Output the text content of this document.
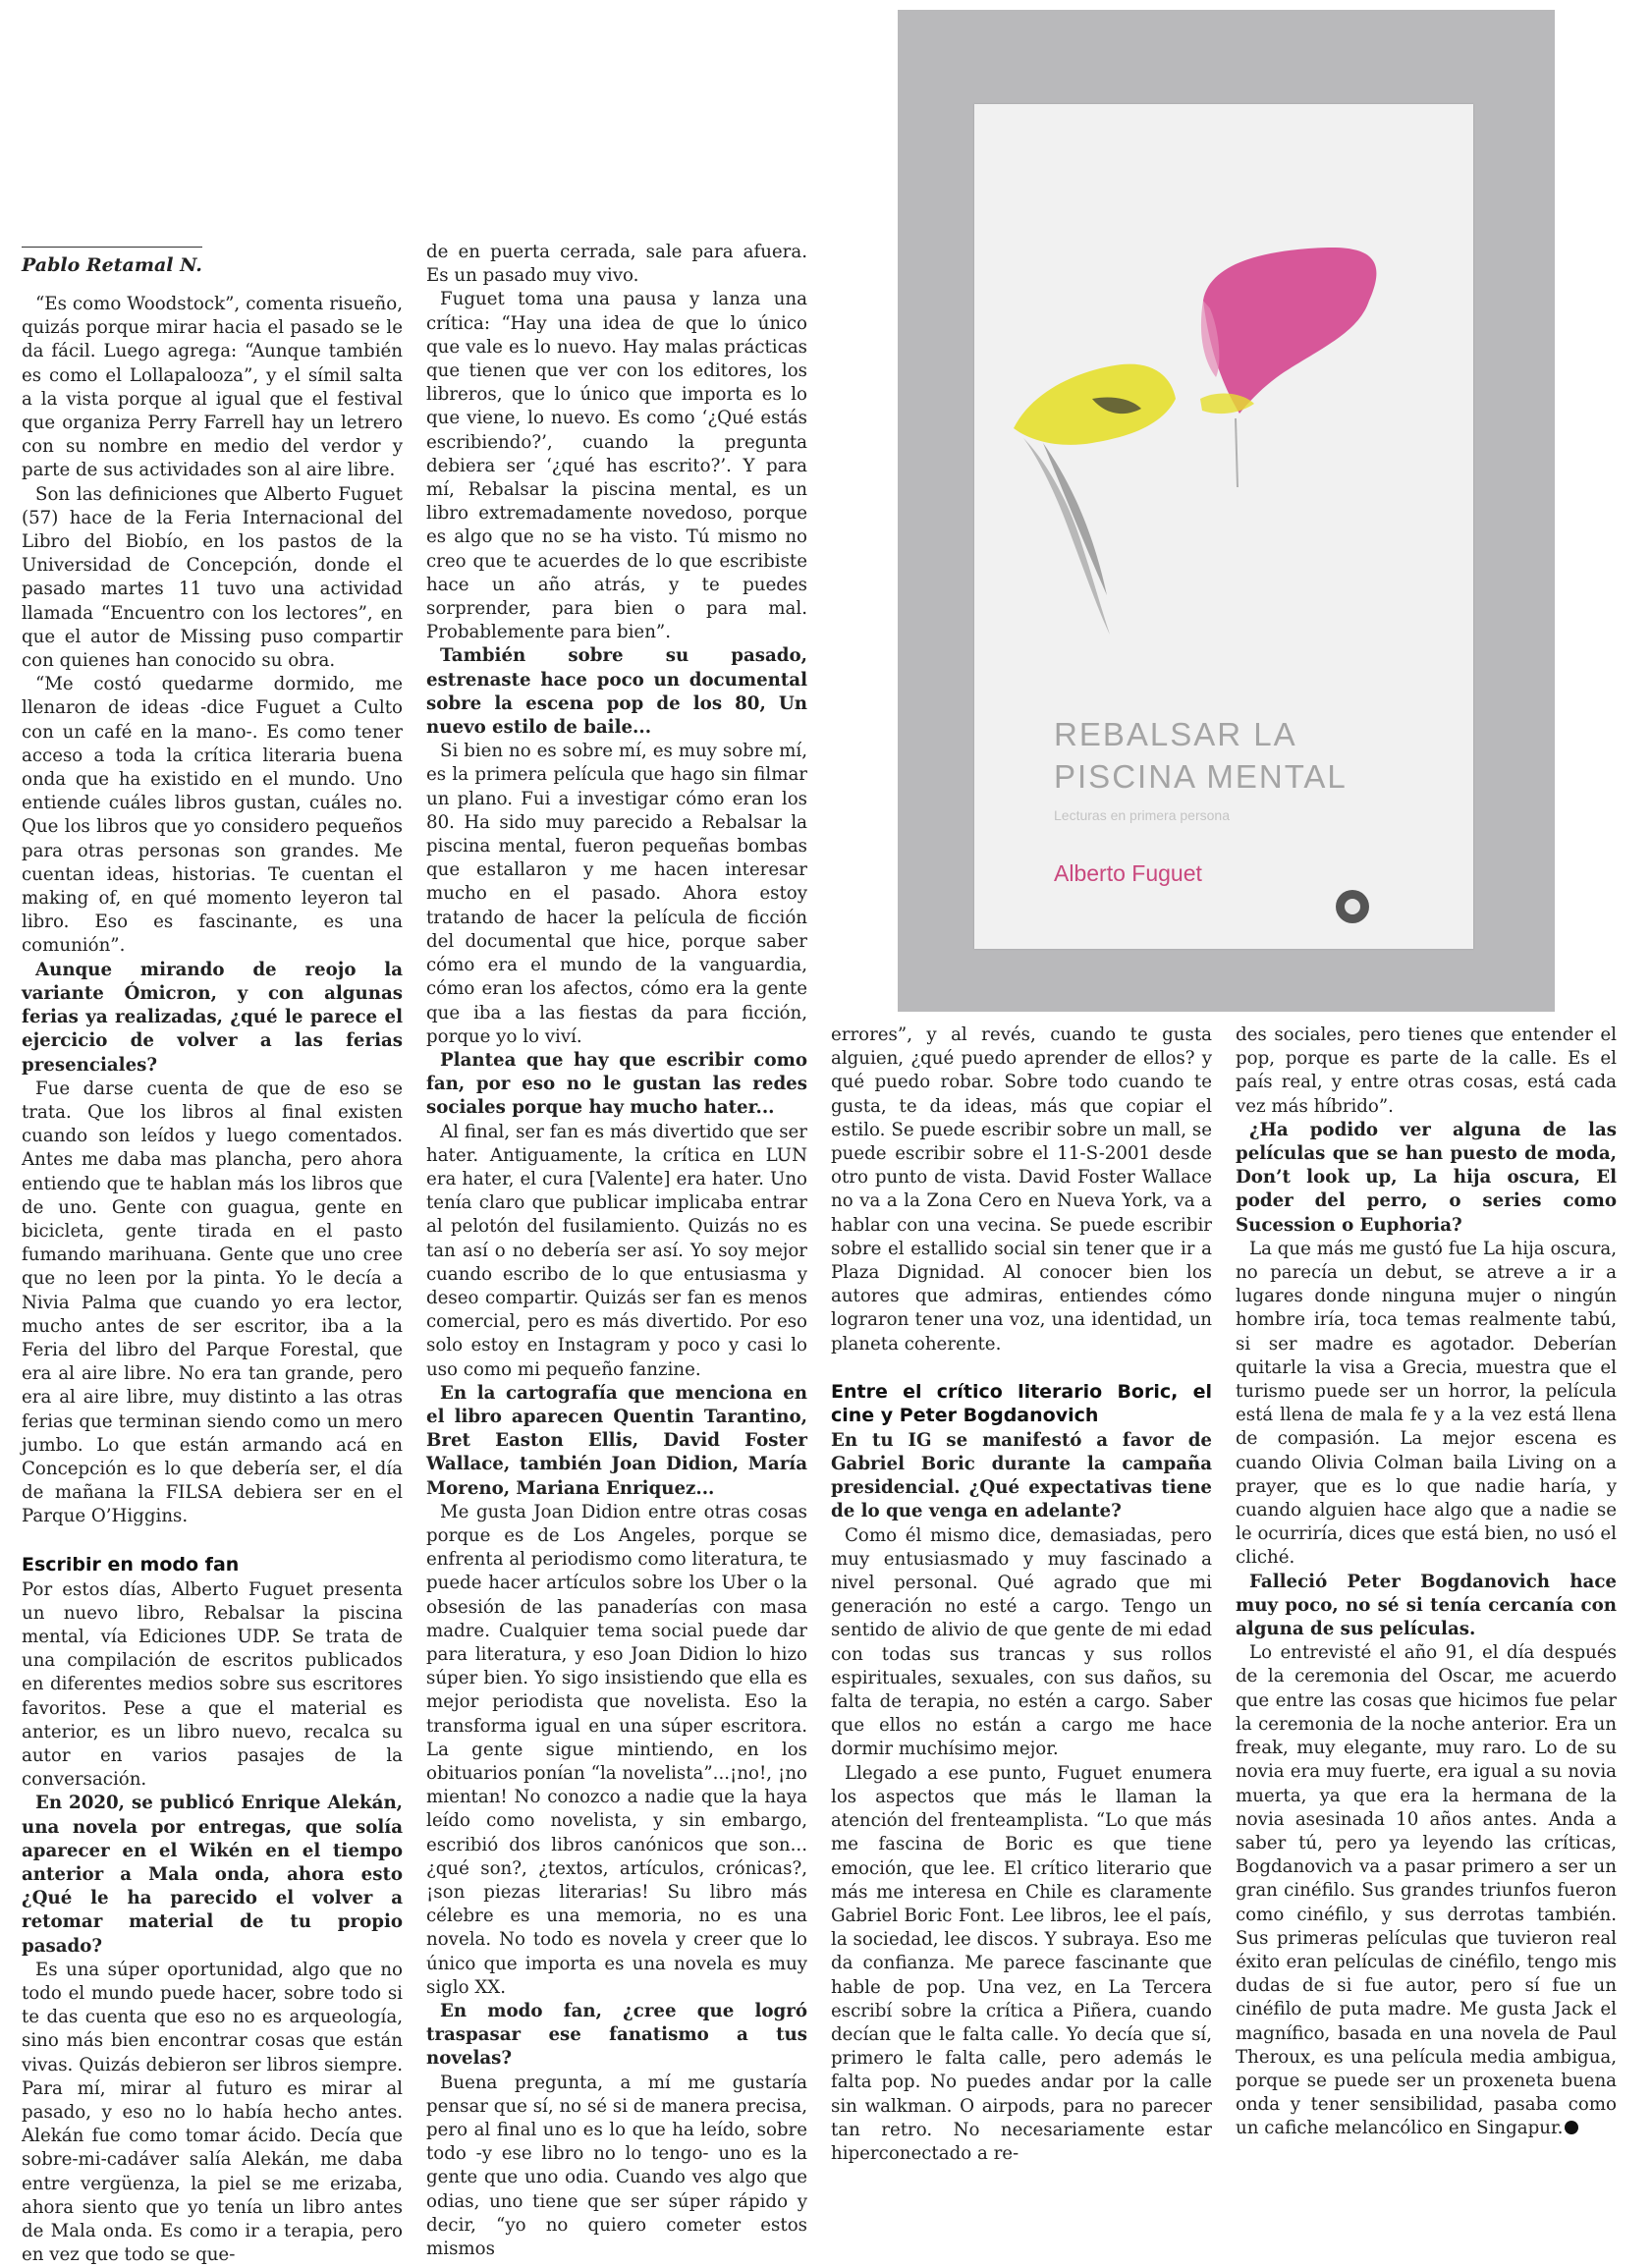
REBALSAR LA
PISCINA MENTAL
Lecturas en primera persona
Alberto Fuguet
Pablo Retamal N.

“Es como Woodstock”, comenta risueño, quizás porque mirar hacia el pasado se le da fácil. Luego agrega: “Aunque también es como el Lollapalooza”, y el símil salta a la vista porque al igual que el festival que organiza Perry Farrell hay un letrero con su nombre en medio del verdor y parte de sus actividades son al aire libre.

Son las definiciones que Alberto Fuguet (57) hace de la Feria Internacional del Libro del Biobío, en los pastos de la Universidad de Concepción, donde el pasado martes 11 tuvo una actividad llamada “Encuentro con los lectores”, en que el autor de Missing puso compartir con quienes han conocido su obra.

“Me costó quedarme dormido, me llenaron de ideas -dice Fuguet a Culto con un café en la mano-. Es como tener acceso a toda la crítica literaria buena onda que ha existido en el mundo. Uno entiende cuáles libros gustan, cuáles no. Que los libros que yo considero pequeños para otras personas son grandes. Me cuentan ideas, historias. Te cuentan el making of, en qué momento leyeron tal libro. Eso es fascinante, es una comunión”.

Aunque mirando de reojo la variante Ómicron, y con algunas ferias ya realizadas, ¿qué le parece el ejercicio de volver a las ferias presenciales?

Fue darse cuenta de que de eso se trata. Que los libros al final existen cuando son leídos y luego comentados. Antes me daba mas plancha, pero ahora entiendo que te hablan más los libros que de uno. Gente con guagua, gente en bicicleta, gente tirada en el pasto fumando marihuana. Gente que uno cree que no leen por la pinta. Yo le decía a Nivia Palma que cuando yo era lector, mucho antes de ser escritor, iba a la Feria del libro del Parque Forestal, que era al aire libre. No era tan grande, pero era al aire libre, muy distinto a las otras ferias que terminan siendo como un mero jumbo. Lo que están armando acá en Concepción es lo que debería ser, el día de mañana la FILSA debiera ser en el Parque O’Higgins.

Escribir en modo fan

Por estos días, Alberto Fuguet presenta un nuevo libro, Rebalsar la piscina mental, vía Ediciones UDP. Se trata de una compilación de escritos publicados en diferentes medios sobre sus escritores favoritos. Pese a que el material es anterior, es un libro nuevo, recalca su autor en varios pasajes de la conversación.

En 2020, se publicó Enrique Alekán, una novela por entregas, que solía aparecer en el Wikén en el tiempo anterior a Mala onda, ahora esto ¿Qué le ha parecido el volver a retomar material de tu propio pasado?

Es una súper oportunidad, algo que no todo el mundo puede hacer, sobre todo si te das cuenta que eso no es arqueología, sino más bien encontrar cosas que están vivas. Quizás debieron ser libros siempre. Para mí, mirar al futuro es mirar al pasado, y eso no lo había hecho antes. Alekán fue como tomar ácido. Decía que sobre-mi-cadáver salía Alekán, me daba entre vergüenza, la piel se me erizaba, ahora siento que yo tenía un libro antes de Mala onda. Es como ir a terapia, pero en vez que todo se que-

de en puerta cerrada, sale para afuera. Es un pasado muy vivo.

Fuguet toma una pausa y lanza una crítica: “Hay una idea de que lo único que vale es lo nuevo. Hay malas prácticas que tienen que ver con los editores, los libreros, que lo único que importa es lo que viene, lo nuevo. Es como ‘¿Qué estás escribiendo?’, cuando la pregunta debiera ser ‘¿qué has escrito?’. Y para mí, Rebalsar la piscina mental, es un libro extremadamente novedoso, porque es algo que no se ha visto. Tú mismo no creo que te acuerdes de lo que escribiste hace un año atrás, y te puedes sorprender, para bien o para mal. Probablemente para bien”.

También sobre su pasado, estrenaste hace poco un documental sobre la escena pop de los 80, Un nuevo estilo de baile...

Si bien no es sobre mí, es muy sobre mí, es la primera película que hago sin filmar un plano. Fui a investigar cómo eran los 80. Ha sido muy parecido a Rebalsar la piscina mental, fueron pequeñas bombas que estallaron y me hacen interesar mucho en el pasado. Ahora estoy tratando de hacer la película de ficción del documental que hice, porque saber cómo era el mundo de la vanguardia, cómo eran los afectos, cómo era la gente que iba a las fiestas da para ficción, porque yo lo viví.

Plantea que hay que escribir como fan, por eso no le gustan las redes sociales porque hay mucho hater...

Al final, ser fan es más divertido que ser hater. Antiguamente, la crítica en LUN era hater, el cura [Valente] era hater. Uno tenía claro que publicar implicaba entrar al pelotón del fusilamiento. Quizás no es tan así o no debería ser así. Yo soy mejor cuando escribo de lo que entusiasma y deseo compartir. Quizás ser fan es menos comercial, pero es más divertido. Por eso solo estoy en Instagram y poco y casi lo uso como mi pequeño fanzine.

En la cartografía que menciona en el libro aparecen Quentin Tarantino, Bret Easton Ellis, David Foster Wallace, también Joan Didion, María Moreno, Mariana Enriquez...

Me gusta Joan Didion entre otras cosas porque es de Los Angeles, porque se enfrenta al periodismo como literatura, te puede hacer artículos sobre los Uber o la obsesión de las panaderías con masa madre. Cualquier tema social puede dar para literatura, y eso Joan Didion lo hizo súper bien. Yo sigo insistiendo que ella es mejor periodista que novelista. Eso la transforma igual en una súper escritora. La gente sigue mintiendo, en los obituarios ponían “la novelista”...¡no!, ¡no mientan! No conozco a nadie que la haya leído como novelista, y sin embargo, escribió dos libros canónicos que son... ¿qué son?, ¿textos, artículos, crónicas?, ¡son piezas literarias! Su libro más célebre es una memoria, no es una novela. No todo es novela y creer que lo único que importa es una novela es muy siglo XX.

En modo fan, ¿cree que logró traspasar ese fanatismo a tus novelas?

Buena pregunta, a mí me gustaría pensar que sí, no sé si de manera precisa, pero al final uno es lo que ha leído, sobre todo -y ese libro no lo tengo- uno es la gente que uno odia. Cuando ves algo que odias, uno tiene que ser súper rápido y decir, “yo no quiero cometer estos mismos

errores”, y al revés, cuando te gusta alguien, ¿qué puedo aprender de ellos? y qué puedo robar. Sobre todo cuando te gusta, te da ideas, más que copiar el estilo. Se puede escribir sobre un mall, se puede escribir sobre el 11-S-2001 desde otro punto de vista. David Foster Wallace no va a la Zona Cero en Nueva York, va a hablar con una vecina. Se puede escribir sobre el estallido social sin tener que ir a Plaza Dignidad. Al conocer bien los autores que admiras, entiendes cómo lograron tener una voz, una identidad, un planeta coherente.

Entre el crítico literario Boric, el cine y Peter Bogdanovich

En tu IG se manifestó a favor de Gabriel Boric durante la campaña presidencial. ¿Qué expectativas tiene de lo que venga en adelante?

Como él mismo dice, demasiadas, pero muy entusiasmado y muy fascinado a nivel personal. Qué agrado que mi generación no esté a cargo. Tengo un sentido de alivio de que gente de mi edad con todas sus trancas y sus rollos espirituales, sexuales, con sus daños, su falta de terapia, no estén a cargo. Saber que ellos no están a cargo me hace dormir muchísimo mejor.

Llegado a ese punto, Fuguet enumera los aspectos que más le llaman la atención del frenteamplista. “Lo que más me fascina de Boric es que tiene emoción, que lee. El crítico literario que más me interesa en Chile es claramente Gabriel Boric Font. Lee libros, lee el país, la sociedad, lee discos. Y subraya. Eso me da confianza. Me parece fascinante que hable de pop. Una vez, en La Tercera escribí sobre la crítica a Piñera, cuando decían que le falta calle. Yo decía que sí, primero le falta calle, pero además le falta pop. No puedes andar por la calle sin walkman. O airpods, para no parecer tan retro. No necesariamente estar hiperconectado a re-

des sociales, pero tienes que entender el pop, porque es parte de la calle. Es el país real, y entre otras cosas, está cada vez más híbrido”.

¿Ha podido ver alguna de las películas que se han puesto de moda, Don’t look up, La hija oscura, El poder del perro, o series como Sucession o Euphoria?

La que más me gustó fue La hija oscura, no parecía un debut, se atreve a ir a lugares donde ninguna mujer o ningún hombre iría, toca temas realmente tabú, si ser madre es agotador. Deberían quitarle la visa a Grecia, muestra que el turismo puede ser un horror, la película está llena de mala fe y a la vez está llena de compasión. La mejor escena es cuando Olivia Colman baila Living on a prayer, que es lo que nadie haría, y cuando alguien hace algo que a nadie se le ocurriría, dices que está bien, no usó el cliché.

Falleció Peter Bogdanovich hace muy poco, no sé si tenía cercanía con alguna de sus películas.

Lo entrevisté el año 91, el día después de la ceremonia del Oscar, me acuerdo que entre las cosas que hicimos fue pelar la ceremonia de la noche anterior. Era un freak, muy elegante, muy raro. Lo de su novia era muy fuerte, era igual a su novia muerta, ya que era la hermana de la novia asesinada 10 años antes. Anda a saber tú, pero ya leyendo las críticas, Bogdanovich va a pasar primero a ser un gran cinéfilo. Sus grandes triunfos fueron como cinéfilo, y sus derrotas también. Sus primeras películas que tuvieron real éxito eran películas de cinéfilo, tengo mis dudas de si fue autor, pero sí fue un cinéfilo de puta madre. Me gusta Jack el magnífico, basada en una novela de Paul Theroux, es una película media ambigua, porque se puede ser un proxeneta buena onda y tener sensibilidad, pasaba como un cafiche melancólico en Singapur.
